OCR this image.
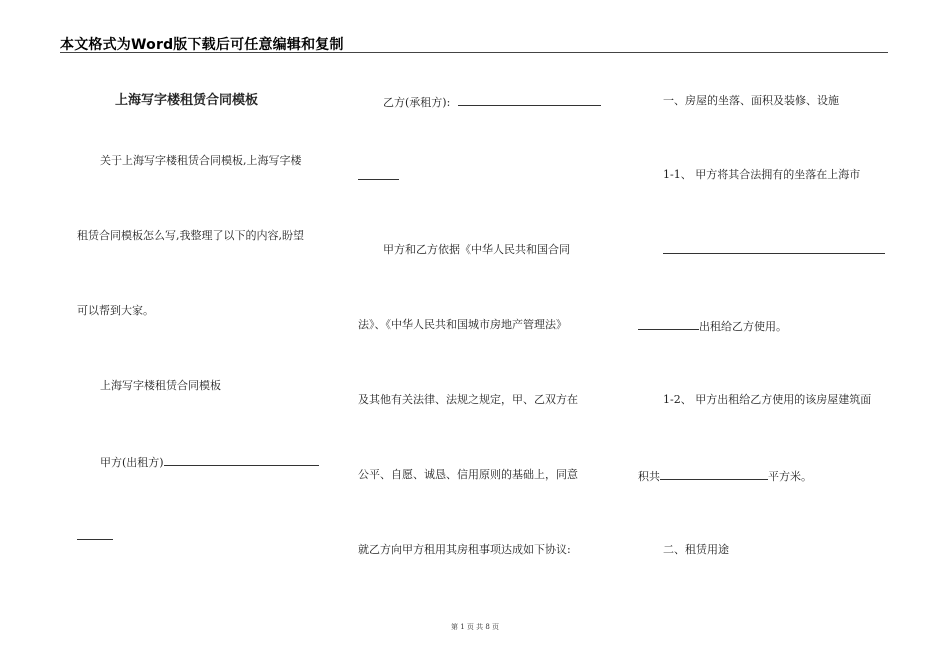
本文格式为Word版下载后可任意编辑和复制
上海写字楼租赁合同模板
关于上海写字楼租赁合同模板,上海写字楼
租赁合同模板怎么写,我整理了以下的内容,盼望
可以帮到大家。
上海写字楼租赁合同模板
甲方(出租方)
乙方(承租方):
甲方和乙方依据《中华人民共和国合同
法》、《中华人民共和国城市房地产管理法》
及其他有关法律、法规之规定，甲、乙双方在
公平、自愿、诚恳、信用原则的基础上，同意
就乙方向甲方租用其房租事项达成如下协议:
一、房屋的坐落、面积及装修、设施
1-1、 甲方将其合法拥有的坐落在上海市
出租给乙方使用。
1-2、 甲方出租给乙方使用的该房屋建筑面
积共	平方米。
二、租赁用途
第 1 页 共 8 页
